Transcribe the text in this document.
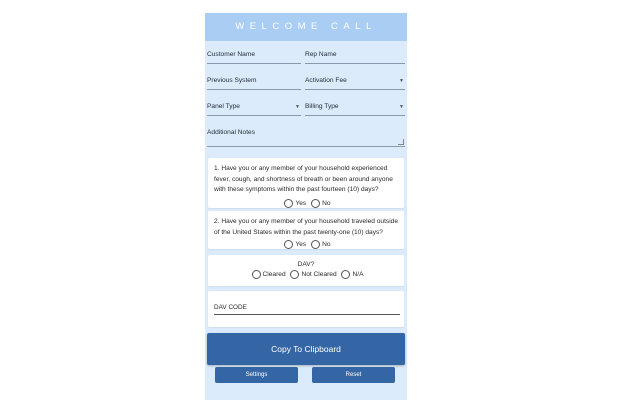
WELCOME CALL
Customer Name	Rep Name
Previous System	Activation Fee	▼
Panel Type	▼ Billing Type	▼
Additional Notes
1. Have you or any member of your household experienced fever, cough, and shortness of breath or been around anyone with these symptoms within the past fourteen (10) days?
Yes No
2. Have you or any member of your household traveled outside of the United States within the past twenty-one (10) days?
Yes No
DAV?
Cleared Not Cleared N/A
DAV CODE
Copy To Clipboard
Settings	Reset
